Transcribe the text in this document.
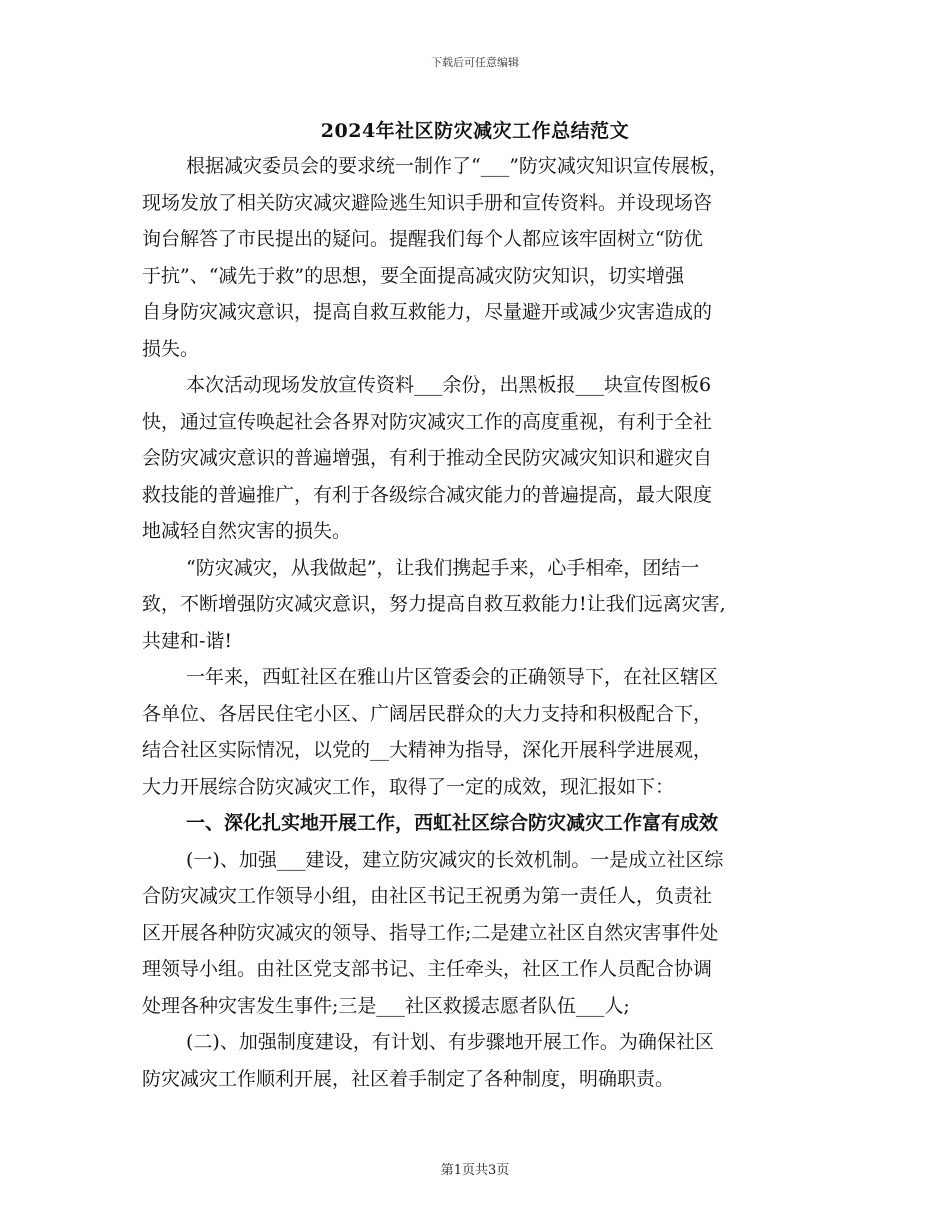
下载后可任意编辑
2024年社区防灾减灾工作总结范文
根据减灾委员会的要求统一制作了“___”防灾减灾知识宣传展板，
现场发放了相关防灾减灾避险逃生知识手册和宣传资料。并设现场咨
询台解答了市民提出的疑问。提醒我们每个人都应该牢固树立“防优
于抗”、“减先于救”的思想，要全面提高减灾防灾知识，切实增强
自身防灾减灾意识，提高自救互救能力，尽量避开或减少灾害造成的
损失。
本次活动现场发放宣传资料___余份，出黑板报___块宣传图板6
快，通过宣传唤起社会各界对防灾减灾工作的高度重视，有利于全社
会防灾减灾意识的普遍增强，有利于推动全民防灾减灾知识和避灾自
救技能的普遍推广，有利于各级综合减灾能力的普遍提高，最大限度
地减轻自然灾害的损失。
“防灾减灾，从我做起”，让我们携起手来，心手相牵，团结一
致，不断增强防灾减灾意识，努力提高自救互救能力!让我们远离灾害,
共建和-谐!
一年来，西虹社区在雅山片区管委会的正确领导下，在社区辖区
各单位、各居民住宅小区、广阔居民群众的大力支持和积极配合下，
结合社区实际情况，以党的__大精神为指导，深化开展科学进展观，
大力开展综合防灾减灾工作，取得了一定的成效，现汇报如下：
一、深化扎实地开展工作，西虹社区综合防灾减灾工作富有成效
(一)、加强___建设，建立防灾减灾的长效机制。一是成立社区综
合防灾减灾工作领导小组，由社区书记王祝勇为第一责任人，负责社
区开展各种防灾减灾的领导、指导工作;二是建立社区自然灾害事件处
理领导小组。由社区党支部书记、主任牵头，社区工作人员配合协调
处理各种灾害发生事件;三是___社区救援志愿者队伍___人;
(二)、加强制度建设，有计划、有步骤地开展工作。为确保社区
防灾减灾工作顺利开展，社区着手制定了各种制度，明确职责。
第1页共3页
